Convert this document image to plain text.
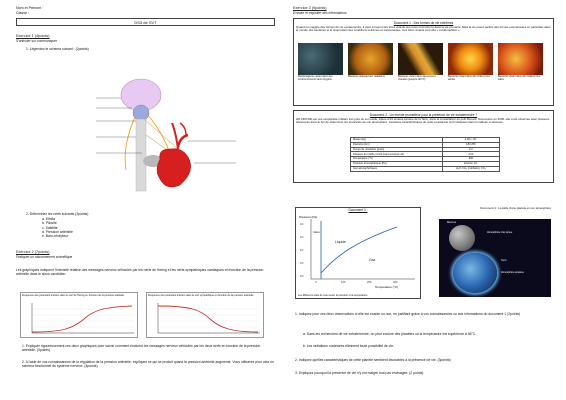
Nom et Prénom :
Classe :
DS3 de SVT
Exercice 1 (4points)
S'articuler sur communiquer
1. Légendez le schéma suivant : (2points)
2. Déterminez les nerfs suivants (2points)
a. Elmila
b. Pilosite
c. Satellite
d. Pression artérielle
e. Baro-récepteur
Exercice 2 (7points)
Pratiquer un raisonnement scientifique
Les graphiques indiquent l'intensité relative des messages nerveux véhiculés par les nerfs de Hering et les nerfs sympathiques cardiaques en fonction de la pression artérielle dans le sinus carotidien.
Fréquence des potentiels d'action dans le nerf de Hering en fonction de la pression artérielle	Fréquence des potentiels d'action dans le nerf sympathique en fonction de la pression artérielle
1. Expliquer rigoureusement ces deux graphiques pour savoir comment évoluent les messages nerveux véhiculés par les deux nerfs en fonction de la pression artérielle. (3points)
2. A l'aide de vos connaissances de la régulation de la pression artérielle, expliquez ce qui se produit quand la pression artérielle augmente. Vous utiliserez pour cela un schéma fonctionnel du système nerveux. (4points)
Exercice 3 (9points)
Extraire et exploiter des informations
Document 1 : Des formes de vie extrêmes
Quand on imagine des formes de vie extraterrestre, il vient à l'esprit des êtres vivants que nous rencontrons dans la vie courante. Mais la vie prend parfois des formes surprenantes en particulier dans le monde des bactéries et le vivant dans des conditions extrêmes et surprenantes. Ces êtres vivants sont dits « extrêmophiles ».
Methanogènes vivant dans des environnements sans oxygène
Bactéries résistant aux radiations	Bactéries vivant dans des sources chaudes (jusqu'à 120°C)
Bactéries vivant dans des milieux très acides
Bactéries vivant dans des milieux très salés
Document 2 : Un monde prometteur pour la présence de vie extraterrestre ?
HD 189733b est une exoplanète orbitant très près de son étoile, située à 63 années-lumière de la Terre, dans la constellation du petit Renard. Découverte en 2005, elle a été observée avec plusieurs télescopes dans le but de déterminer les propriétés de son atmosphère. Certaines caractéristiques de cette exoplanète sont indiquées dans le tableau ci-dessous.
Masse (kg)	2,18 x 10²⁷
Diamètre (km)	180 259
Temps de révolution (jours)	2,2
Distance de l'étoile (Unité Astronomique UA)	0,03
Température (°C)	900
Pression atmosphérique (Pa)	Environ 10⁵
Gaz atmosphériques	H₂O, CH₄ (méthane), CO₂
Document 3 :
Pression (Pa)
10⁶
10⁵
10⁴
10³
10²
0	100	200	300
Liquide
Gaz
Glace
Température (°C)
Les différents états de l'eau selon la pression et la température
Document 4 : La taille d'une planète et son atmosphère
Mercure
Atmosphère très ténue
Terre
Atmosphère épaisse
1. Indiquez pour ces deux observations si elle est exacte ou non, en justifiant grâce à vos connaissances ou aux informations du document 1 (2points)
a. Dans les recherches de vie extraterrestre, on peut exclure des planètes où la température est supérieure à 56°C.
b. Les radiations nucléaires éliminent toute possibilité de vie.
2. Indiquez quelles caractéristiques de cette planète semblent favorables à la présence de vie. (3points)
3. Expliquez pourquoi la présence de vie n'y est malgré tout pas envisagée. (2 points)
